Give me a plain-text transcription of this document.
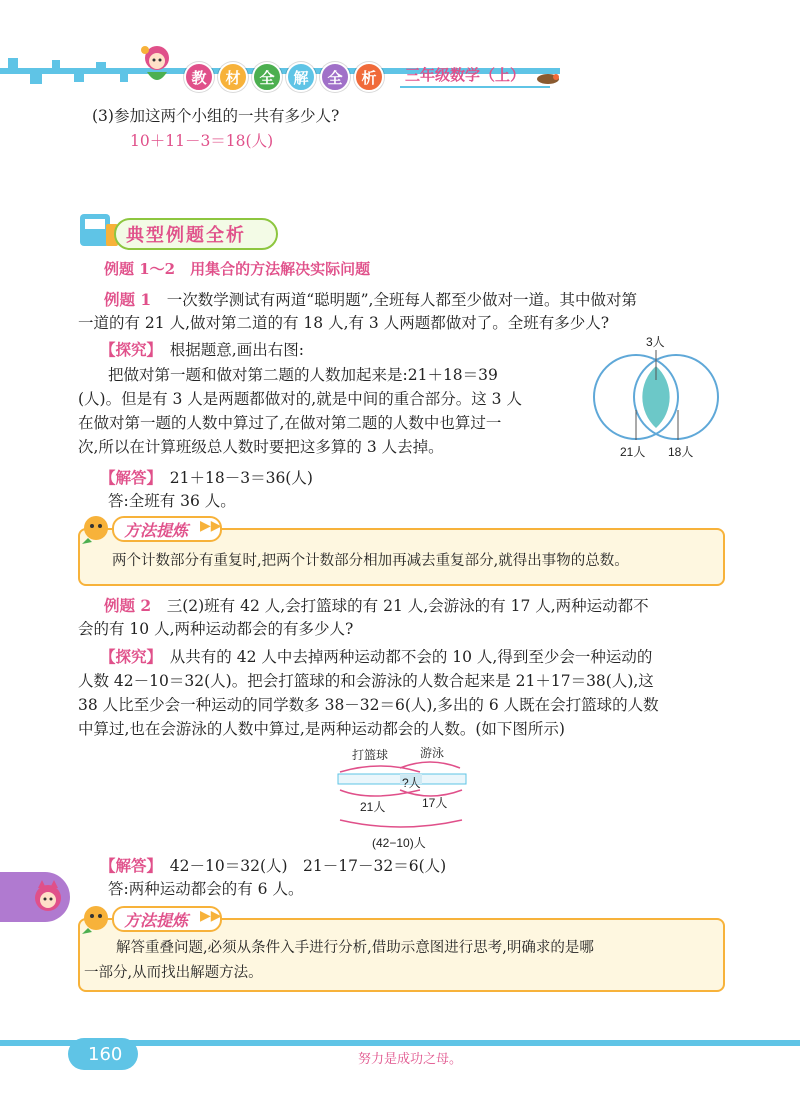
教	材	全	解	全	析	三年级数学（上）

(3)参加这两个小组的一共有多少人?

10＋11－3＝18(人)

典型例题全析

例题 1～2　用集合的方法解决实际问题

例题 1　 一次数学测试有两道“聪明题”,全班每人都至少做对一道。其中做对第

一道的有 21 人,做对第二道的有 18 人,有 3 人两题都做对了。全班有多少人?

【探究】　 根据题意,画出右图:

把做对第一题和做对第二题的人数加起来是:21＋18＝39

(人)。但是有 3 人是两题都做对的,就是中间的重合部分。这 3 人

在做对第一题的人数中算过了,在做对第二题的人数中也算过一

次,所以在计算班级总人数时要把这多算的 3 人去掉。

【解答】　 21＋18－3＝36(人)

答:全班有 36 人。

3人
21人 18人
方法提炼 ▶▶

两个计数部分有重复时,把两个计数部分相加再减去重复部分,就得出事物的总数。

例题 2　 三(2)班有 42 人,会打篮球的有 21 人,会游泳的有 17 人,两种运动都不

会的有 10 人,两种运动都会的有多少人?

【探究】　 从共有的 42 人中去掉两种运动都不会的 10 人,得到至少会一种运动的

人数 42－10＝32(人)。把会打篮球的和会游泳的人数合起来是 21＋17＝38(人),这

38 人比至少会一种运动的同学数多 38－32＝6(人),多出的 6 人既在会打篮球的人数

中算过,也在会游泳的人数中算过,是两种运动都会的人数。(如下图所示)

打篮球	游泳
?人
21人	17人
(42−10)人

【解答】　 42－10＝32(人)　21－17－32＝6(人)

答:两种运动都会的有 6 人。

方法提炼 ▶▶

解答重叠问题,必须从条件入手进行分析,借助示意图进行思考,明确求的是哪

一部分,从而找出解题方法。

160	努力是成功之母。
